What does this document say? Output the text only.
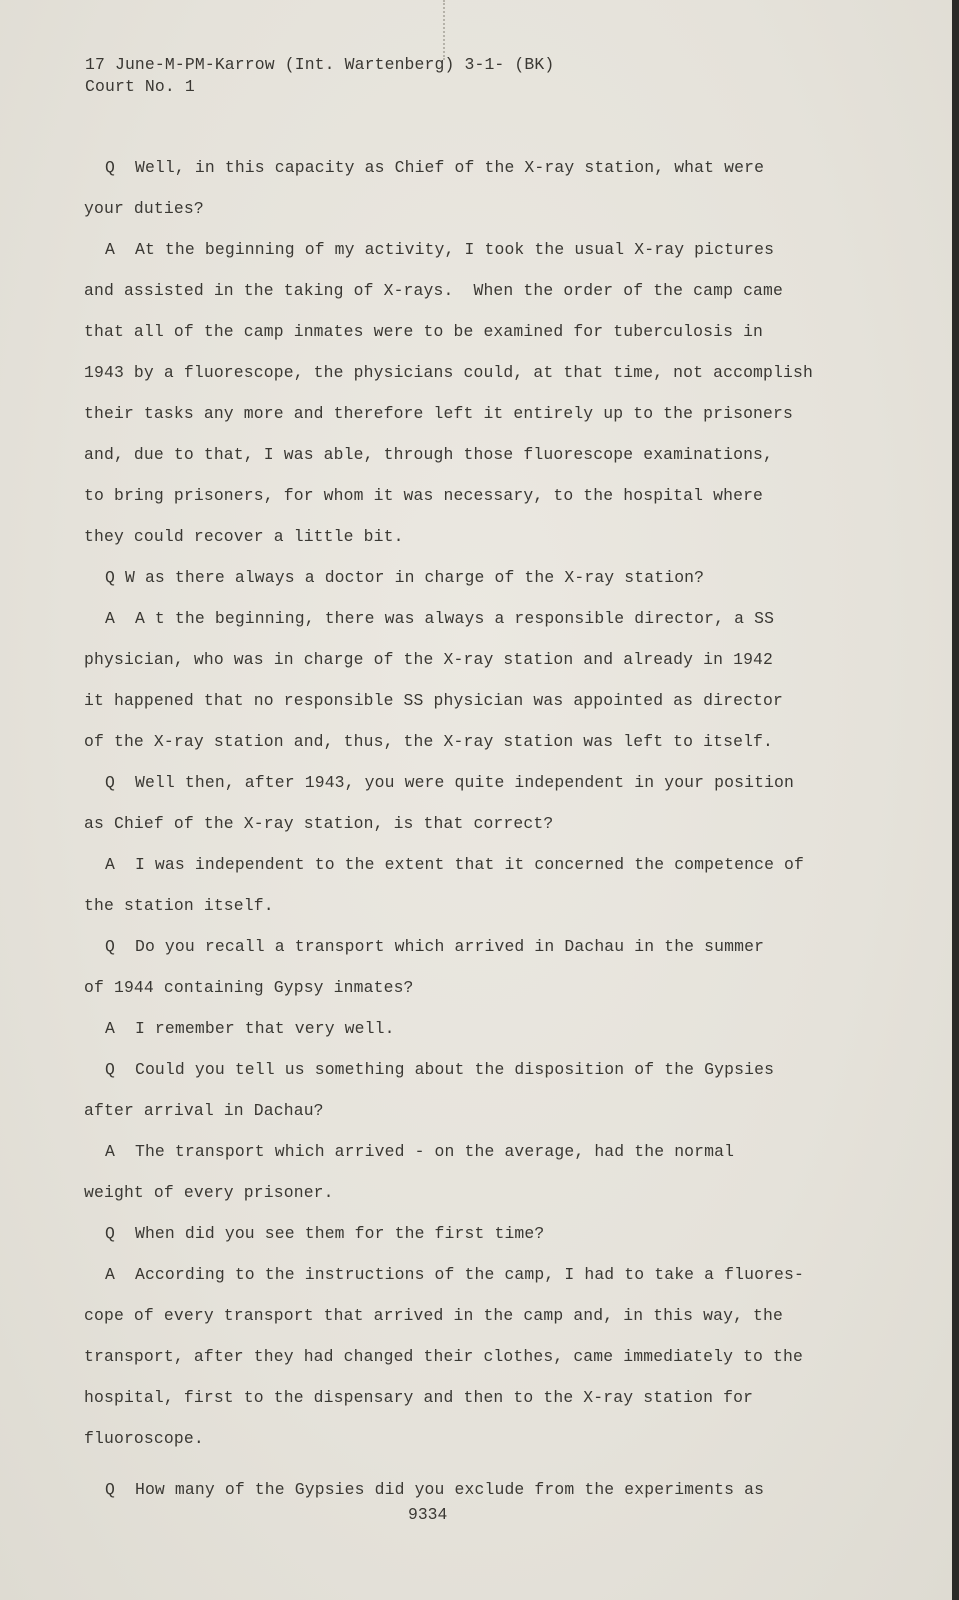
17 June-M-PM-Karrow (Int. Wartenberg) 3-1- (BK)
Court No. 1
Q  Well, in this capacity as Chief of the X-ray station, what were
your duties?
A  At the beginning of my activity, I took the usual X-ray pictures
and assisted in the taking of X-rays.  When the order of the camp came
that all of the camp inmates were to be examined for tuberculosis in
1943 by a fluorescope, the physicians could, at that time, not accomplish
their tasks any more and therefore left it entirely up to the prisoners
and, due to that, I was able, through those fluorescope examinations,
to bring prisoners, for whom it was necessary, to the hospital where
they could recover a little bit.
Q W as there always a doctor in charge of the X-ray station?
A  A t the beginning, there was always a responsible director, a SS
physician, who was in charge of the X-ray station and already in 1942
it happened that no responsible SS physician was appointed as director
of the X-ray station and, thus, the X-ray station was left to itself.
Q  Well then, after 1943, you were quite independent in your position
as Chief of the X-ray station, is that correct?
A  I was independent to the extent that it concerned the competence of
the station itself.
Q  Do you recall a transport which arrived in Dachau in the summer
of 1944 containing Gypsy inmates?
A  I remember that very well.
Q  Could you tell us something about the disposition of the Gypsies
after arrival in Dachau?
A  The transport which arrived - on the average, had the normal
weight of every prisoner.
Q  When did you see them for the first time?
A  According to the instructions of the camp, I had to take a fluores-
cope of every transport that arrived in the camp and, in this way, the
transport, after they had changed their clothes, came immediately to the
hospital, first to the dispensary and then to the X-ray station for
fluoroscope.
Q  How many of the Gypsies did you exclude from the experiments as
9334
